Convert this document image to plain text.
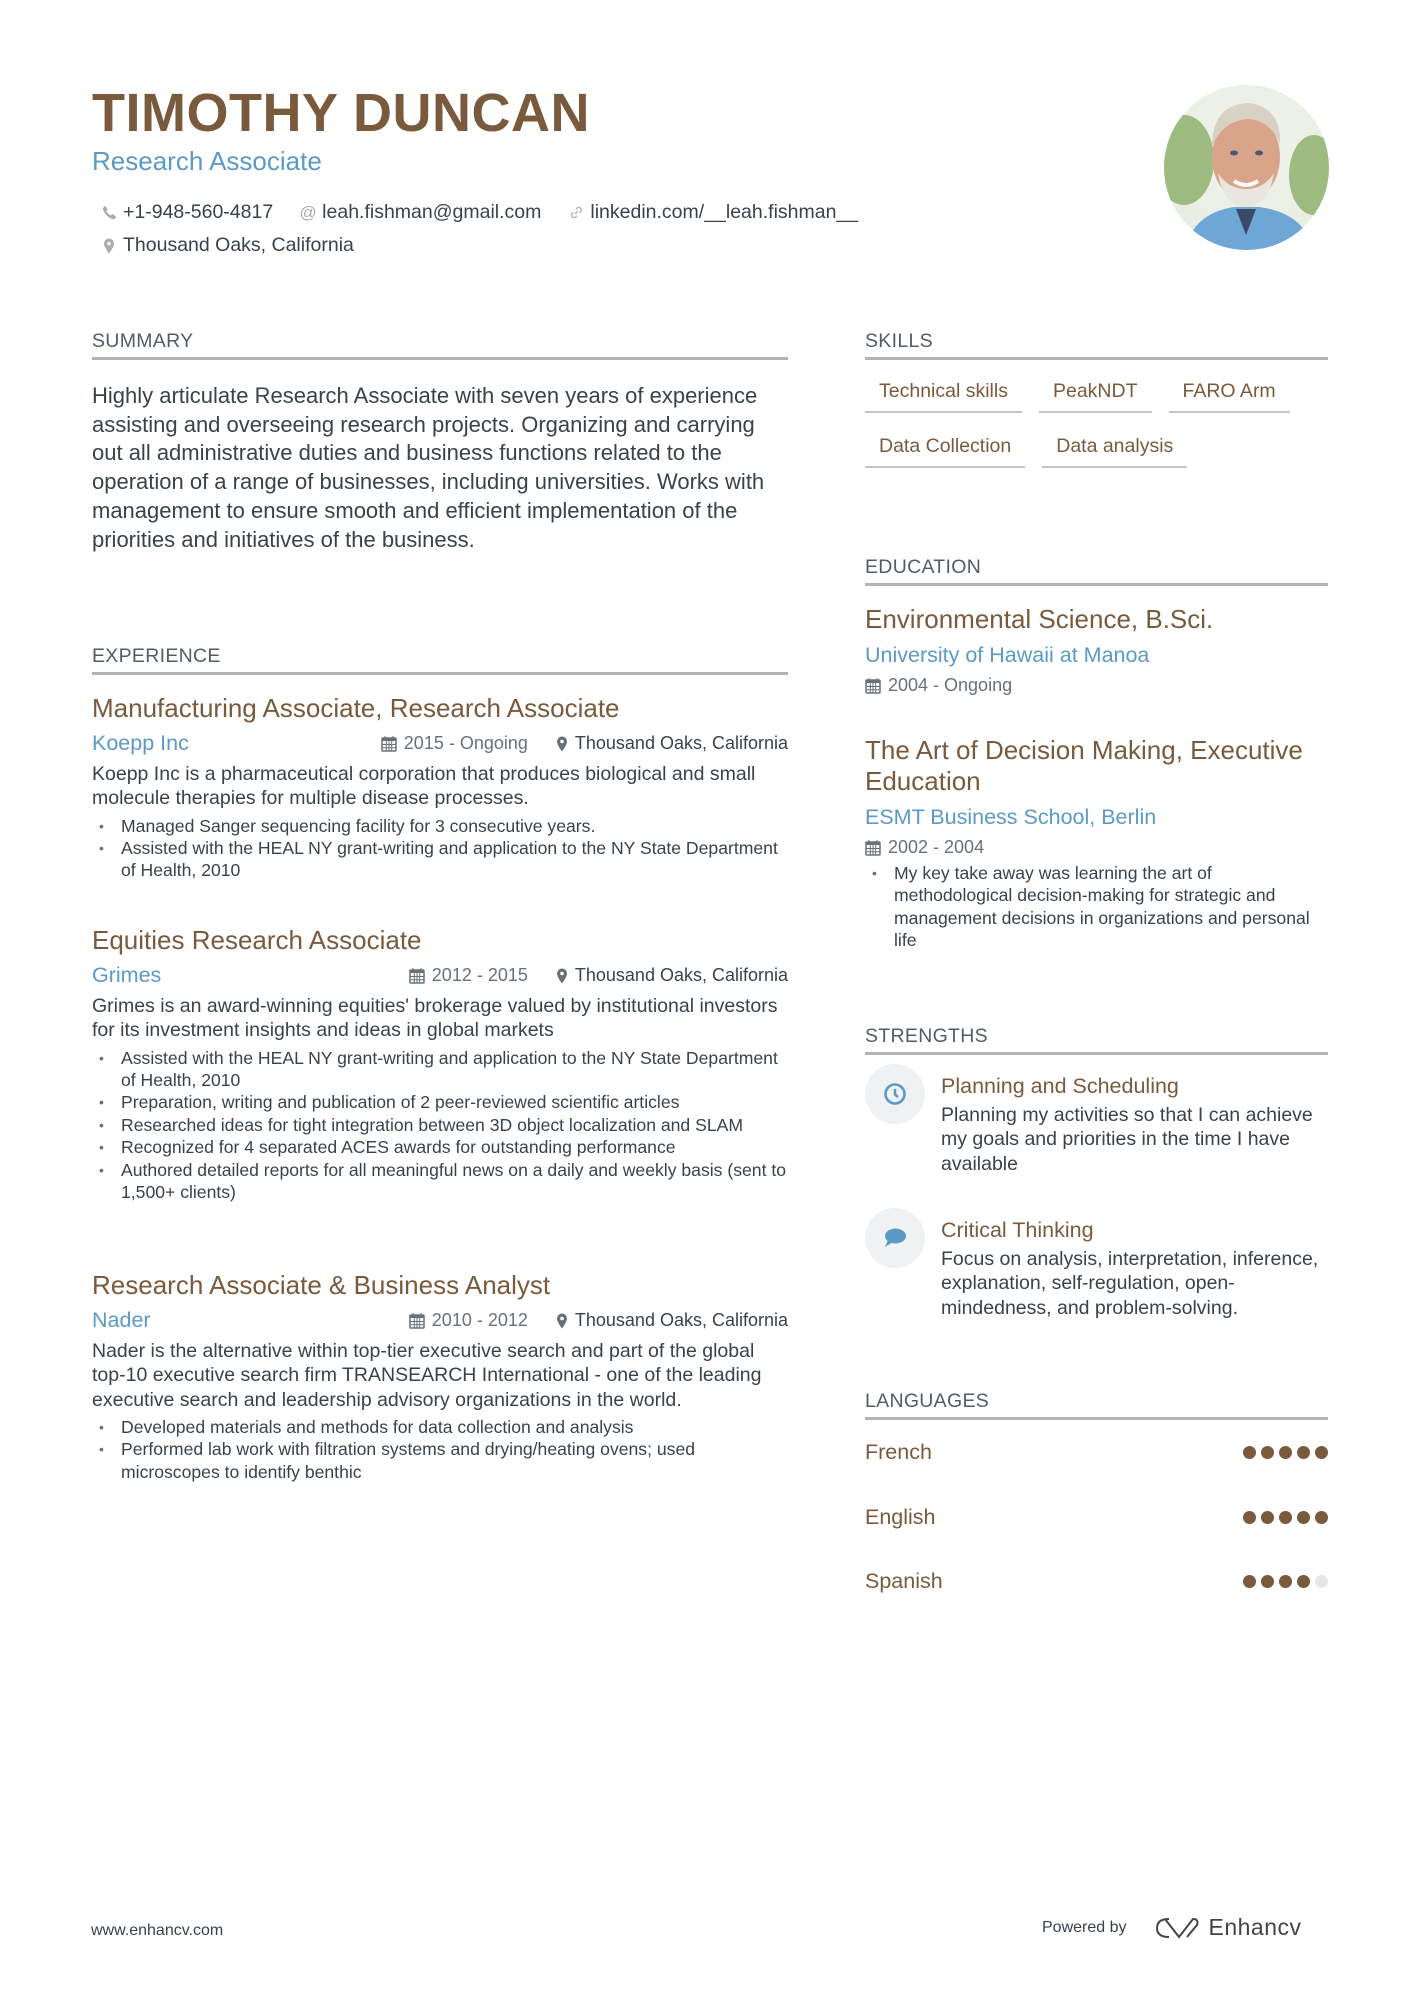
TIMOTHY DUNCAN
Research Associate
+1-948-560-4817 @ leah.fishman@gmail.com	linkedin.com/__leah.fishman__
Thousand Oaks, California
SUMMARY
Highly articulate Research Associate with seven years of experience assisting and overseeing research projects. Organizing and carrying out all administrative duties and business functions related to the operation of a range of businesses, including universities. Works with management to ensure smooth and efficient implementation of the priorities and initiatives of the business.
EXPERIENCE
Manufacturing Associate, Research Associate
Koepp Inc	2015 - Ongoing	Thousand Oaks, California
Koepp Inc is a pharmaceutical corporation that produces biological and small molecule therapies for multiple disease processes.
• Managed Sanger sequencing facility for 3 consecutive years.
• Assisted with the HEAL NY grant-writing and application to the NY State Department of Health, 2010
Equities Research Associate
Grimes	2012 - 2015	Thousand Oaks, California
Grimes is an award-winning equities' brokerage valued by institutional investors for its investment insights and ideas in global markets
• Assisted with the HEAL NY grant-writing and application to the NY State Department of Health, 2010
• Preparation, writing and publication of 2 peer-reviewed scientific articles
• Researched ideas for tight integration between 3D object localization and SLAM
• Recognized for 4 separated ACES awards for outstanding performance
• Authored detailed reports for all meaningful news on a daily and weekly basis (sent to 1,500+ clients)
Research Associate & Business Analyst
Nader	2010 - 2012	Thousand Oaks, California
Nader is the alternative within top-tier executive search and part of the global top-10 executive search firm TRANSEARCH International - one of the leading executive search and leadership advisory organizations in the world.
• Developed materials and methods for data collection and analysis
• Performed lab work with filtration systems and drying/heating ovens; used microscopes to identify benthic
SKILLS
Technical skills	PeakNDT	FARO Arm
Data Collection	Data analysis
EDUCATION
Environmental Science, B.Sci.
University of Hawaii at Manoa
2004 - Ongoing
The Art of Decision Making, Executive Education
ESMT Business School, Berlin
2002 - 2004
• My key take away was learning the art of methodological decision-making for strategic and management decisions in organizations and personal life
STRENGTHS
Planning and Scheduling
Planning my activities so that I can achieve my goals and priorities in the time I have available
Critical Thinking
Focus on analysis, interpretation, inference, explanation, self-regulation, open-mindedness, and problem-solving.
LANGUAGES
French
English
Spanish
www.enhancv.com	Powered by	Enhancv
